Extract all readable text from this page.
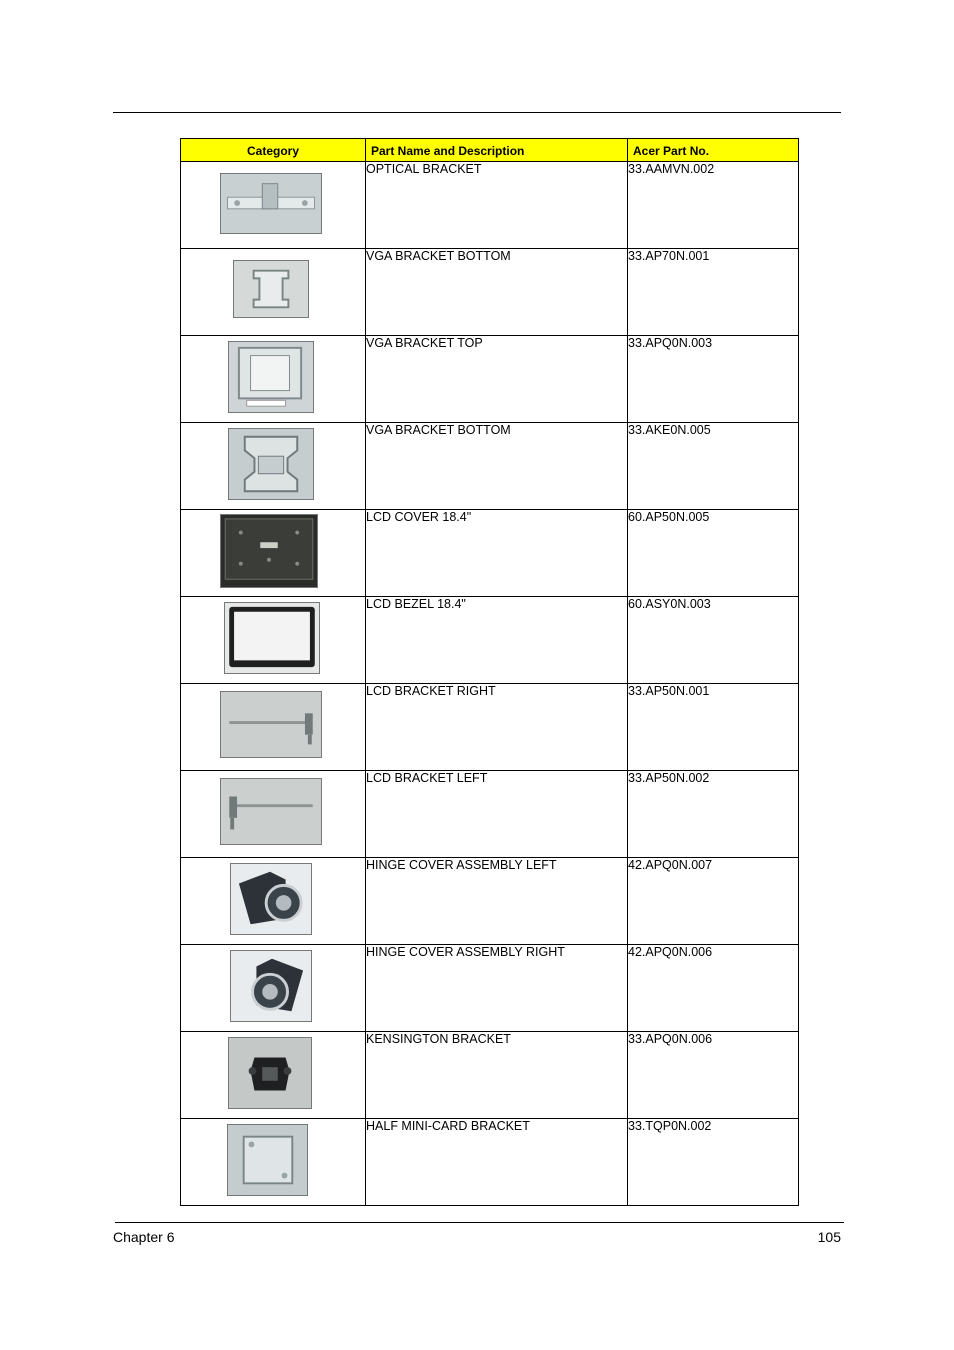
Category	Part Name and Description	Acer Part No.

	OPTICAL BRACKET	33.AAMVN.002

	VGA BRACKET BOTTOM	33.AP70N.001

	VGA BRACKET TOP	33.APQ0N.003

	VGA BRACKET BOTTOM	33.AKE0N.005

	LCD COVER 18.4"	60.AP50N.005

	LCD BEZEL 18.4"	60.ASY0N.003

	LCD BRACKET RIGHT	33.AP50N.001

	LCD BRACKET LEFT	33.AP50N.002

	HINGE COVER ASSEMBLY LEFT	42.APQ0N.007

	HINGE COVER ASSEMBLY RIGHT	42.APQ0N.006

	KENSINGTON BRACKET	33.APQ0N.006

	HALF MINI-CARD BRACKET	33.TQP0N.002
Chapter 6	105
